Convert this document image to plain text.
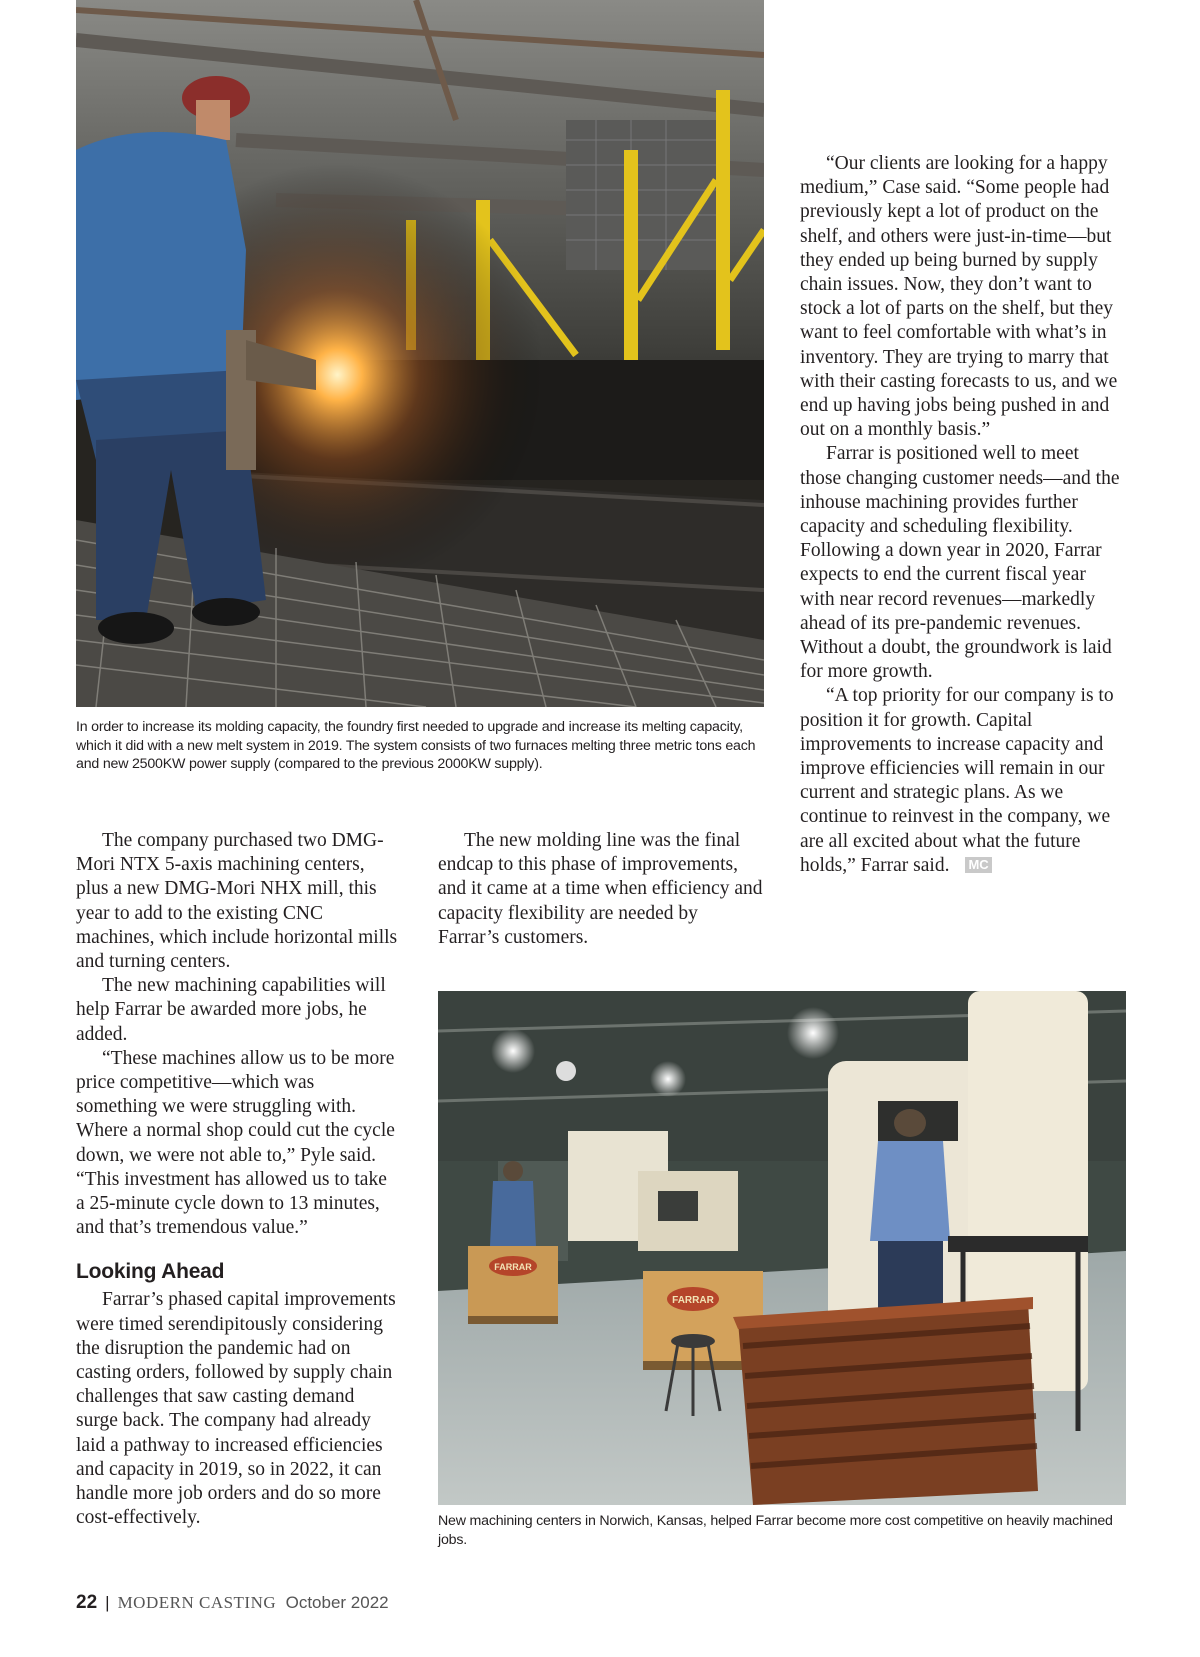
In order to increase its molding capacity, the foundry first needed to upgrade and increase its melting capacity, which it did with a new melt system in 2019. The system consists of two furnaces melting three metric tons each and new 2500KW power supply (compared to the previous 2000KW supply).

The company purchased two DMG-Mori NTX 5-axis machining centers, plus a new DMG-Mori NHX mill, this year to add to the existing CNC machines, which include horizontal mills and turning centers.

The new machining capabilities will help Farrar be awarded more jobs, he added.

“These machines allow us to be more price competitive—which was something we were struggling with. Where a normal shop could cut the cycle down, we were not able to,” Pyle said. “This investment has allowed us to take a 25-minute cycle down to 13 minutes, and that’s tremendous value.”

Looking Ahead

Farrar’s phased capital improvements were timed serendipitously considering the disruption the pandemic had on casting orders, followed by supply chain challenges that saw casting demand surge back. The company had already laid a pathway to increased efficiencies and capacity in 2019, so in 2022, it can handle more job orders and do so more cost-effectively.

The new molding line was the final endcap to this phase of improvements, and it came at a time when efficiency and capacity flexibility are needed by Farrar’s customers.

“Our clients are looking for a happy medium,” Case said. “Some people had previously kept a lot of product on the shelf, and others were just-in-time—but they ended up being burned by supply chain issues. Now, they don’t want to stock a lot of parts on the shelf, but they want to feel comfortable with what’s in inventory. They are trying to marry that with their casting forecasts to us, and we end up having jobs being pushed in and out on a monthly basis.”

Farrar is positioned well to meet those changing customer needs—and the inhouse machining provides further capacity and scheduling flexibility. Following a down year in 2020, Farrar expects to end the current fiscal year with near record revenues—markedly ahead of its pre-pandemic revenues. Without a doubt, the groundwork is laid for more growth.

“A top priority for our company is to position it for growth. Capital improvements to increase capacity and improve efficiencies will remain in our current and strategic plans. As we continue to reinvest in the company, we are all excited about what the future holds,” Farrar said. MC

FARRAR
FARRAR

New machining centers in Norwich, Kansas, helped Farrar become more cost competitive on heavily machined jobs.

22 | MODERN CASTING October 2022
